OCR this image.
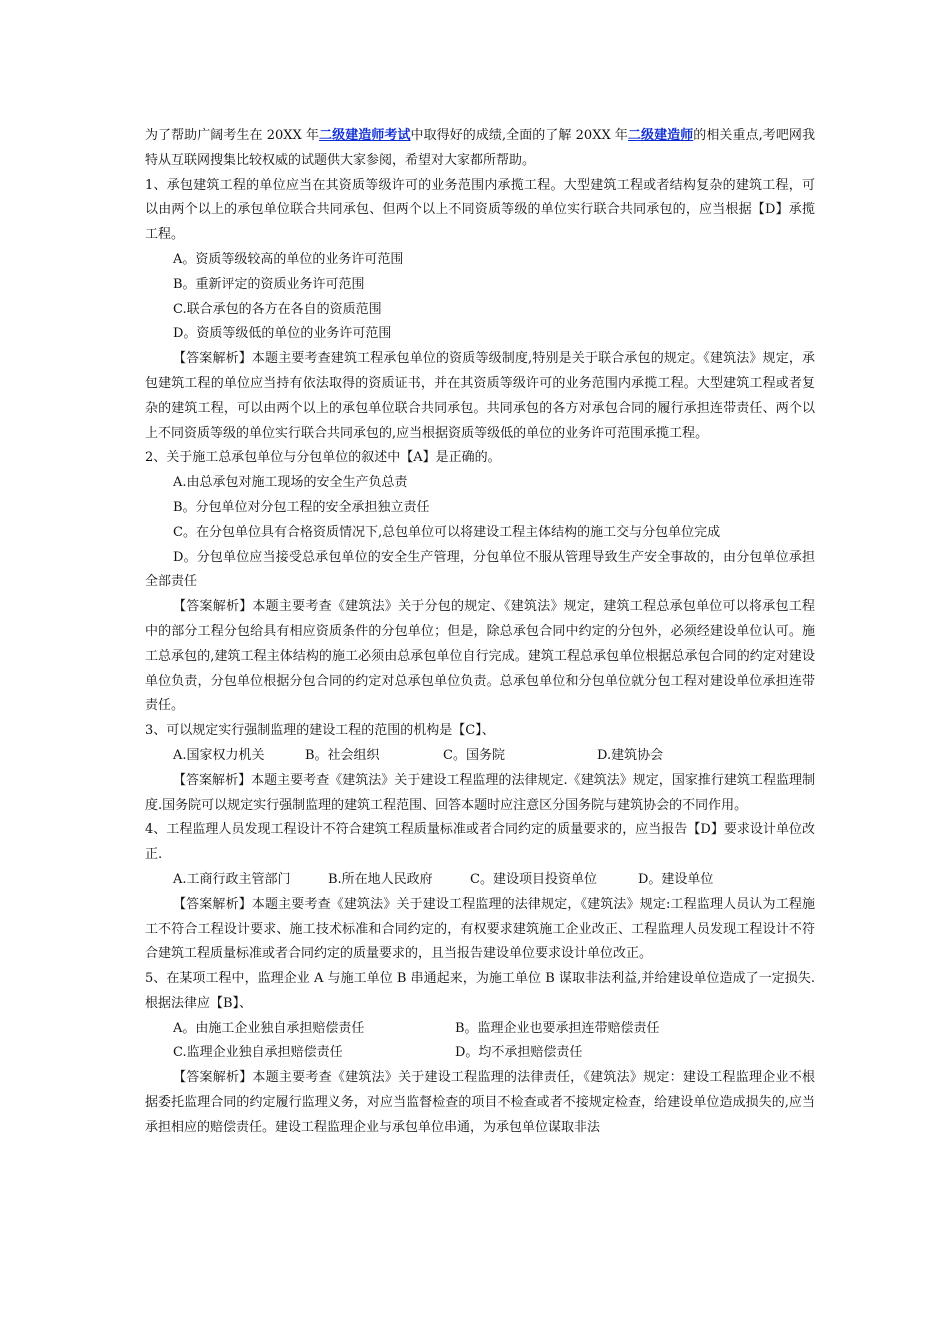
为了帮助广阔考生在 20XX 年二级建造师考试中取得好的成绩,全面的了解 20XX 年二级建造师的相关重点,考吧网我特从互联网搜集比较权威的试题供大家参阅，希望对大家都所帮助。

1、承包建筑工程的单位应当在其资质等级许可的业务范围内承揽工程。大型建筑工程或者结构复杂的建筑工程，可以由两个以上的承包单位联合共同承包、但两个以上不同资质等级的单位实行联合共同承包的，应当根据【D】承揽工程。

A。资质等级较高的单位的业务许可范围

B。重新评定的资质业务许可范围

C.联合承包的各方在各自的资质范围

D。资质等级低的单位的业务许可范围

【答案解析】本题主要考查建筑工程承包单位的资质等级制度,特别是关于联合承包的规定。《建筑法》规定，承包建筑工程的单位应当持有依法取得的资质证书，并在其资质等级许可的业务范围内承揽工程。大型建筑工程或者复杂的建筑工程，可以由两个以上的承包单位联合共同承包。共同承包的各方对承包合同的履行承担连带责任、两个以上不同资质等级的单位实行联合共同承包的,应当根据资质等级低的单位的业务许可范围承揽工程。

2、关于施工总承包单位与分包单位的叙述中【A】是正确的。

A.由总承包对施工现场的安全生产负总责

B。分包单位对分包工程的安全承担独立责任

C。在分包单位具有合格资质情况下,总包单位可以将建设工程主体结构的施工交与分包单位完成

D。分包单位应当接受总承包单位的安全生产管理，分包单位不服从管理导致生产安全事故的，由分包单位承担全部责任

【答案解析】本题主要考查《建筑法》关于分包的规定、《建筑法》规定，建筑工程总承包单位可以将承包工程中的部分工程分包给具有相应资质条件的分包单位；但是，除总承包合同中约定的分包外，必须经建设单位认可。施工总承包的,建筑工程主体结构的施工必须由总承包单位自行完成。建筑工程总承包单位根据总承包合同的约定对建设单位负责，分包单位根据分包合同的约定对总承包单位负责。总承包单位和分包单位就分包工程对建设单位承担连带责任。

3、可以规定实行强制监理的建设工程的范围的机构是【C】、

A.国家权力机关	B。社会组织	C。国务院	D.建筑协会

【答案解析】本题主要考查《建筑法》关于建设工程监理的法律规定.《建筑法》规定，国家推行建筑工程监理制度.国务院可以规定实行强制监理的建筑工程范围、回答本题时应注意区分国务院与建筑协会的不同作用。

4、工程监理人员发现工程设计不符合建筑工程质量标准或者合同约定的质量要求的，应当报告【D】要求设计单位改正.

A.工商行政主管部门	B.所在地人民政府	C。建设项目投资单位	D。建设单位

【答案解析】本题主要考查《建筑法》关于建设工程监理的法律规定，《建筑法》规定:工程监理人员认为工程施工不符合工程设计要求、施工技术标准和合同约定的，有权要求建筑施工企业改正、工程监理人员发现工程设计不符合建筑工程质量标准或者合同约定的质量要求的，且当报告建设单位要求设计单位改正。

5、在某项工程中，监理企业 A 与施工单位 B 串通起来，为施工单位 B 谋取非法利益,并给建设单位造成了一定损失.根据法律应【B】、

A。由施工企业独自承担赔偿责任	B。监理企业也要承担连带赔偿责任

C.监理企业独自承担赔偿责任	D。均不承担赔偿责任

【答案解析】本题主要考查《建筑法》关于建设工程监理的法律责任，《建筑法》规定：建设工程监理企业不根据委托监理合同的约定履行监理义务，对应当监督检查的项目不检查或者不接规定检查，给建设单位造成损失的,应当承担相应的赔偿责任。建设工程监理企业与承包单位串通，为承包单位谋取非法
